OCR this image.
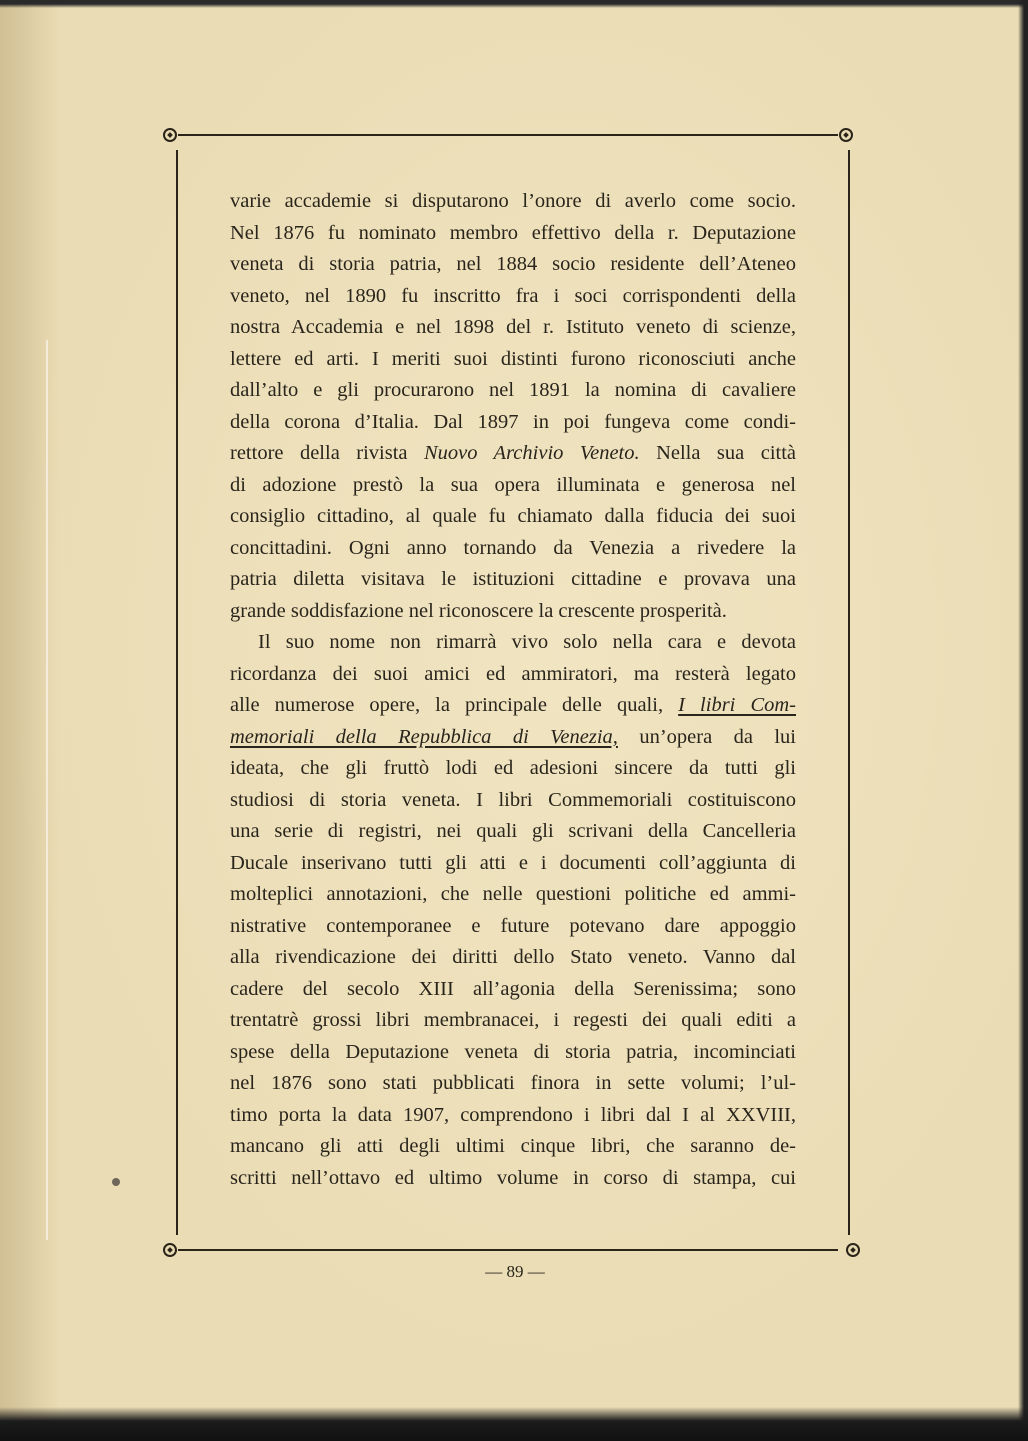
varie accademie si disputarono l’onore di averlo come socio.
Nel 1876 fu nominato membro effettivo della r. Deputazione
veneta di storia patria, nel 1884 socio residente dell’Ateneo
veneto, nel 1890 fu inscritto fra i soci corrispondenti della
nostra Accademia e nel 1898 del r. Istituto veneto di scienze,
lettere ed arti. I meriti suoi distinti furono riconosciuti anche
dall’alto e gli procurarono nel 1891 la nomina di cavaliere
della corona d’Italia. Dal 1897 in poi fungeva come condi-
rettore della rivista Nuovo Archivio Veneto. Nella sua città
di adozione prestò la sua opera illuminata e generosa nel
consiglio cittadino, al quale fu chiamato dalla fiducia dei suoi
concittadini. Ogni anno tornando da Venezia a rivedere la
patria diletta visitava le istituzioni cittadine e provava una
grande soddisfazione nel riconoscere la crescente prosperità.
Il suo nome non rimarrà vivo solo nella cara e devota
ricordanza dei suoi amici ed ammiratori, ma resterà legato
alle numerose opere, la principale delle quali, I libri Com-
memoriali della Repubblica di Venezia, un’opera da lui
ideata, che gli fruttò lodi ed adesioni sincere da tutti gli
studiosi di storia veneta. I libri Commemoriali costituiscono
una serie di registri, nei quali gli scrivani della Cancelleria
Ducale inserivano tutti gli atti e i documenti coll’aggiunta di
molteplici annotazioni, che nelle questioni politiche ed ammi-
nistrative contemporanee e future potevano dare appoggio
alla rivendicazione dei diritti dello Stato veneto. Vanno dal
cadere del secolo XIII all’agonia della Serenissima; sono
trentatrè grossi libri membranacei, i regesti dei quali editi a
spese della Deputazione veneta di storia patria, incominciati
nel 1876 sono stati pubblicati finora in sette volumi; l’ul-
timo porta la data 1907, comprendono i libri dal I al XXVIII,
mancano gli atti degli ultimi cinque libri, che saranno de-
scritti nell’ottavo ed ultimo volume in corso di stampa, cui
— 89 —
